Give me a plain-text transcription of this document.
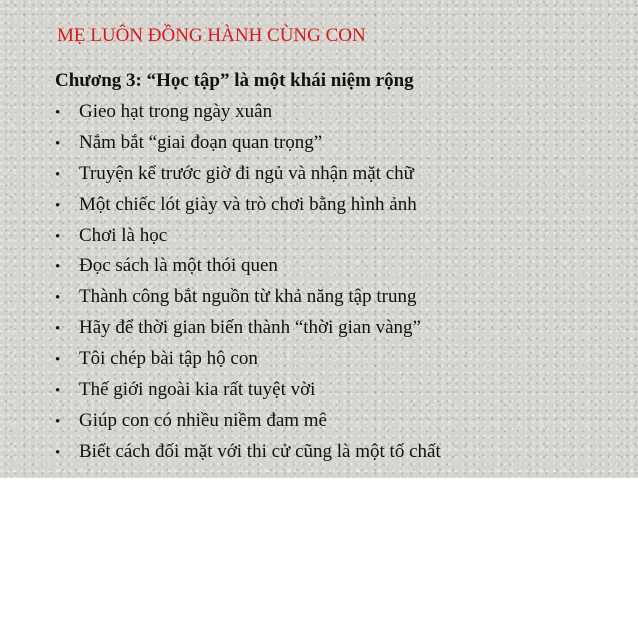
MẸ LUÔN ĐỒNG HÀNH CÙNG CON
Chương 3: “Học tập” là một khái niệm rộng
• Gieo hạt trong ngày xuân
• Nắm bắt “giai đoạn quan trọng”
• Truyện kể trước giờ đi ngủ và nhận mặt chữ
• Một chiếc lót giày và trò chơi bằng hình ảnh
• Chơi là học
• Đọc sách là một thói quen
• Thành công bắt nguồn từ khả năng tập trung
• Hãy để thời gian biến thành “thời gian vàng”
• Tôi chép bài tập hộ con
• Thế giới ngoài kia rất tuyệt vời
• Giúp con có nhiều niềm đam mê
• Biết cách đối mặt với thi cử cũng là một tố chất
